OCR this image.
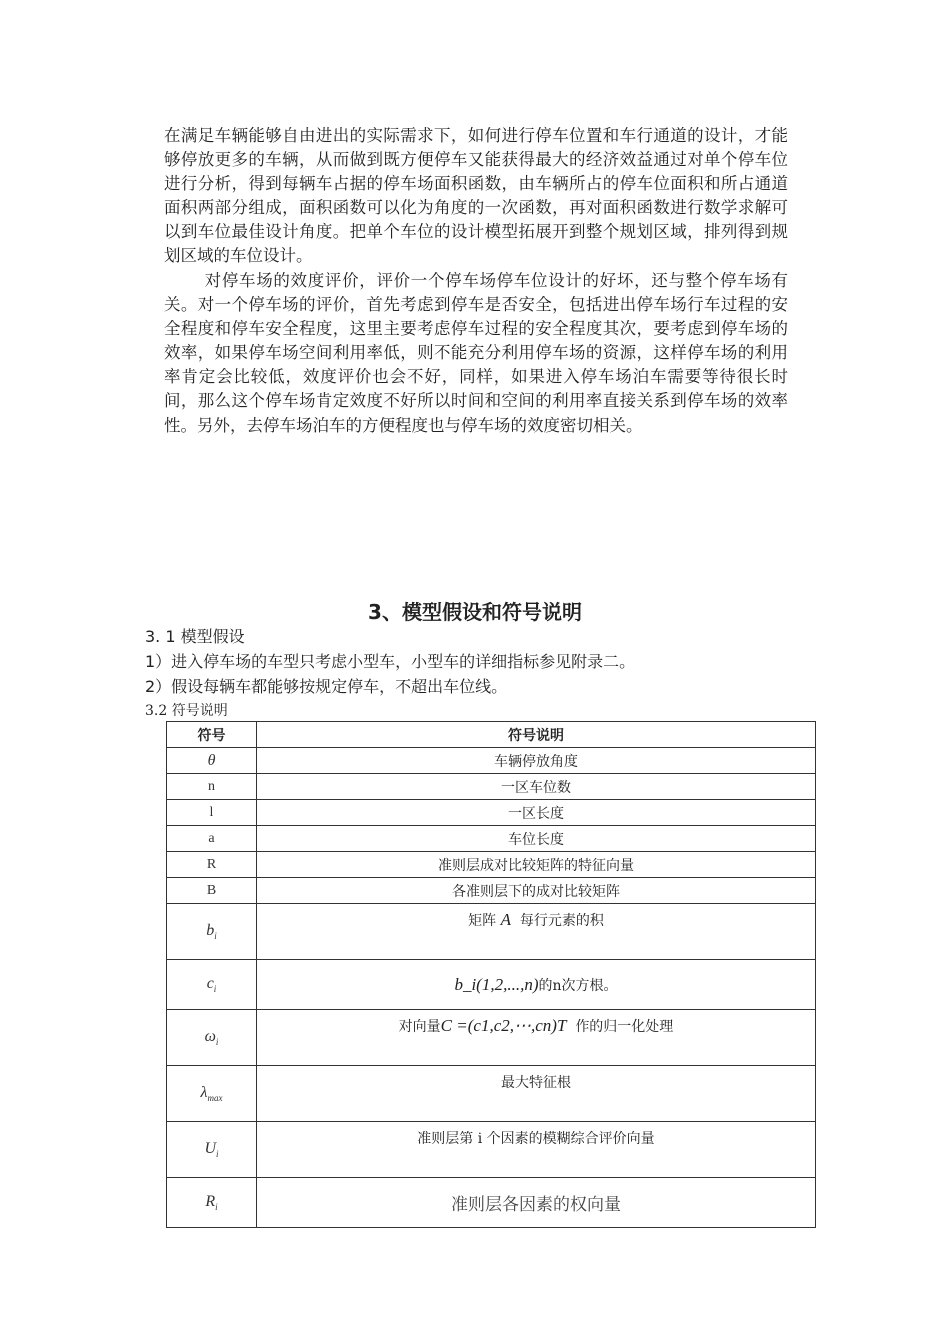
在满足车辆能够自由进出的实际需求下，如何进行停车位置和车行通道的设计，才能够停放更多的车辆，从而做到既方便停车又能获得最大的经济效益通过对单个停车位进行分析，得到每辆车占据的停车场面积函数，由车辆所占的停车位面积和所占通道面积两部分组成，面积函数可以化为角度的一次函数，再对面积函数进行数学求解可以到车位最佳设计角度。把单个车位的设计模型拓展开到整个规划区域，排列得到规划区域的车位设计。

对停车场的效度评价，评价一个停车场停车位设计的好坏，还与整个停车场有关。对一个停车场的评价，首先考虑到停车是否安全，包括进出停车场行车过程的安全程度和停车安全程度，这里主要考虑停车过程的安全程度其次，要考虑到停车场的效率，如果停车场空间利用率低，则不能充分利用停车场的资源，这样停车场的利用率肯定会比较低，效度评价也会不好，同样，如果进入停车场泊车需要等待很长时间，那么这个停车场肯定效度不好所以时间和空间的利用率直接关系到停车场的效率性。另外，去停车场泊车的方便程度也与停车场的效度密切相关。

3、模型假设和符号说明

3. 1 模型假设

1）进入停车场的车型只考虑小型车，小型车的详细指标参见附录二。

2）假设每辆车都能够按规定停车，不超出车位线。

3.2 符号说明

符号	符号说明
θ	车辆停放角度
n	一区车位数
l	一区长度
a	车位长度
R	准则层成对比较矩阵的特征向量
B	各准则层下的成对比较矩阵
$b_i$	矩阵 A 每行元素的积
$c_i$	b_i(1,2,...,n)的n次方根。
$\omega_i$	对向量C =(c1,c2,⋯,cn)T 作的归一化处理
$\lambda_{max}$	最大特征根
$U_i$	准则层第 i 个因素的模糊综合评价向量
$R_i$	准则层各因素的权向量
